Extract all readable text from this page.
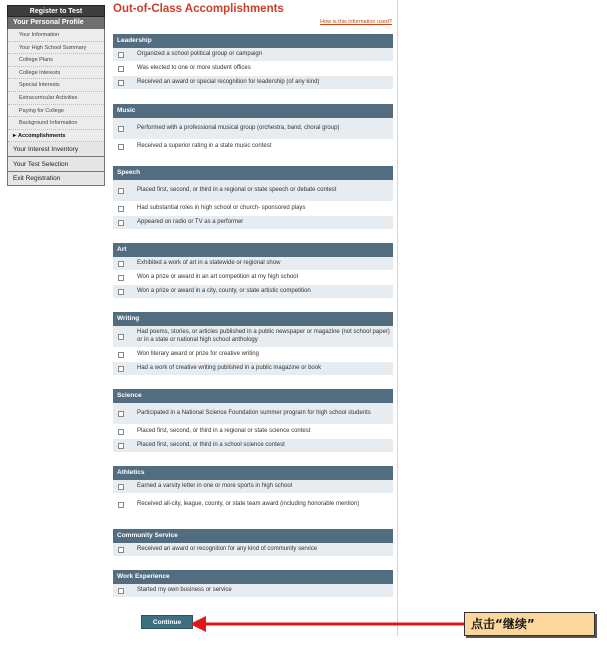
Register to Test
Your Personal Profile
Your Information
Your High School Summary
College Plans
College Interests
Special Interests
Extracurricular Activities
Paying for College
Background Information
▸ Accomplishments
Your Interest Inventory
Your Test Selection
Exit Registration
Out-of-Class Accomplishments
How is this information used?
Leadership
Organized a school political group or campaign
Was elected to one or more student offices
Received an award or special recognition for leadership (of any kind)
Music
Performed with a professional musical group (orchestra, band, choral group)
Received a superior rating in a state music contest
Speech
Placed first, second, or third in a regional or state speech or debate contest
Had substantial roles in high school or church- sponsored plays
Appeared on radio or TV as a performer
Art
Exhibited a work of art in a statewide or regional show
Won a prize or award in an art competition at my high school
Won a prize or award in a city, county, or state artistic competition
Writing
Had poems, stories, or articles published in a public newspaper or magazine (not school paper) or in a state or national high school anthology
Won literary award or prize for creative writing
Had a work of creative writing published in a public magazine or book
Science
Participated in a National Science Foundation summer program for high school students
Placed first, second, or third in a regional or state science contest
Placed first, second, or third in a school science contest
Athletics
Earned a varsity letter in one or more sports in high school
Received all-city, league, county, or state team award (including honorable mention)
Community Service
Received an award or recognition for any kind of community service
Work Experience
Started my own business or service
Continue	点击“继续”
